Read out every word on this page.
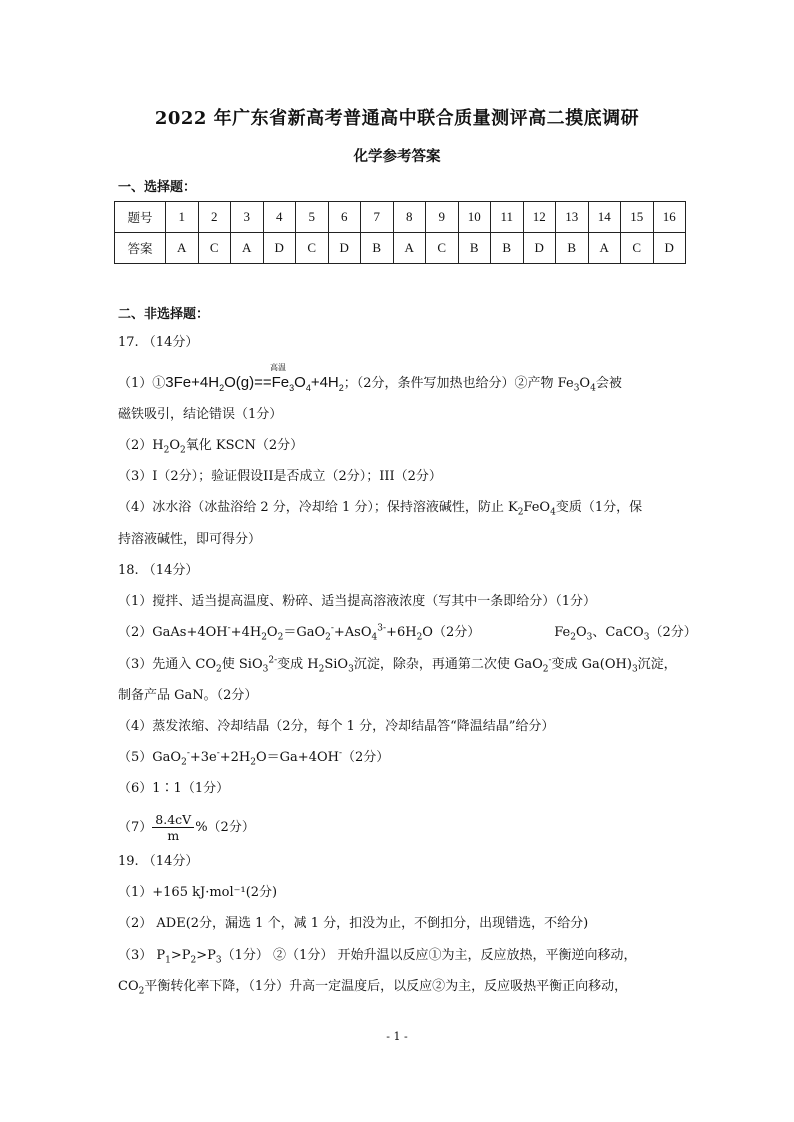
2022 年广东省新高考普通高中联合质量测评高二摸底调研
化学参考答案
一、选择题：
题号	1	2	3	4	5	6	7	8	9	10	11	12	13	14	15	16
答案	A	C	A	D	C	D	B	A	C	B	B	D	B	A	C	D
二、非选择题：
17. （14分）
高温
$(1)①3Fe+4H_2O(g)==Fe_3O_4+4H_2$；（2分，条件写加热也给分）②产物 $Fe_3O_4$会被
磁铁吸引，结论错误（1分）
$(2)H_2O_2$氧化 KSCN（2分）
（3）I（2分）；验证假设II是否成立（2分）；III（2分）
（4）冰水浴（冰盐浴给 2 分，冷却给 1 分）；保持溶液碱性，防止 $K_2FeO_4$变质（1分，保
持溶液碱性，即可得分）
18. （14分）
（1）搅拌、适当提高温度、粉碎、适当提高溶液浓度（写其中一条即给分）（1分）
$(2)GaAs+4OH^-+4H_2O_2=GaO_2^-+AsO_4^{3-}+6H_2O(2$分）	$Fe_2O_3$、CaCO$_3$（2分）
（3）先通入 $CO_2$使 SiO$_3^{2-}$变成 $H_2SiO_3$沉淀，除杂，再通第二次使 GaO$_2$-变成 $Ga(OH)_3$沉淀，
制备产品 GaN。（2分）
（4）蒸发浓缩、冷却结晶（2分，每个 1 分，冷却结晶答“降温结晶”给分）
$(5)GaO_2^-+3e^-+2H_2O=Ga+4OH^-(2$分）
（6）1∶1（1分）
$(7) \frac{8.4cV}{m} \%(2$分）
19. （14分）
（1）+165 kJ·mol⁻¹(2分)
（2） ADE(2分，漏选 1 个，减 1 分，扣没为止，不倒扣分，出现错选，不给分)
（3） $P_1>P_2>P_3(1$分） ②（1分） 开始升温以反应①为主，反应放热，平衡逆向移动，
$CO_2$平衡转化率下降，（1分）升高一定温度后，以反应②为主，反应吸热平衡正向移动，
- 1 -
